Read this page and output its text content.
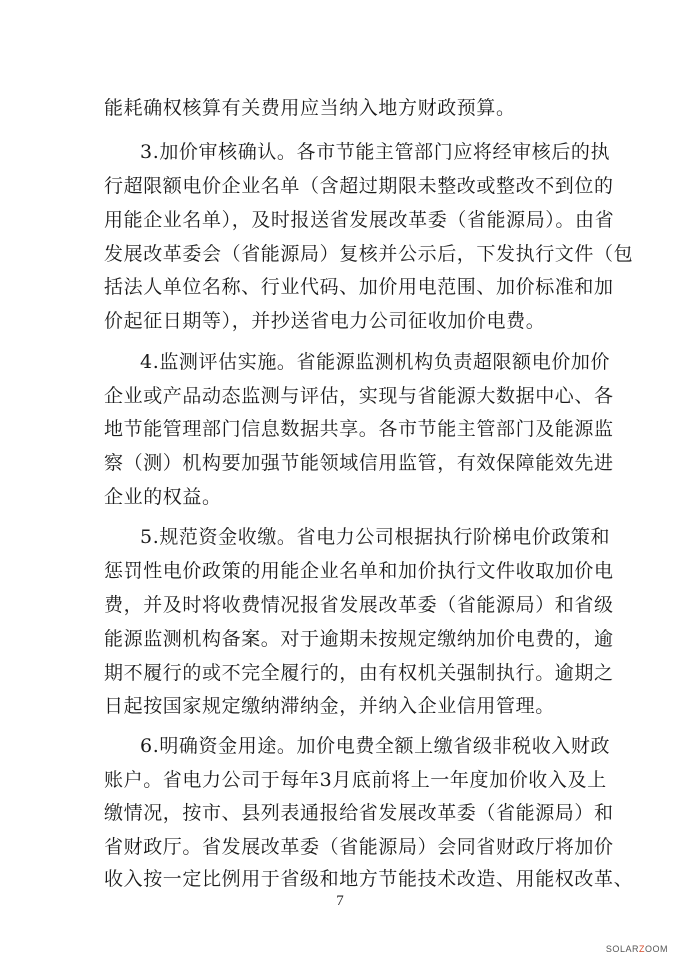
能耗确权核算有关费用应当纳入地方财政预算。
3.加价审核确认。各市节能主管部门应将经审核后的执
行超限额电价企业名单（含超过期限未整改或整改不到位的
用能企业名单），及时报送省发展改革委（省能源局）。由省
发展改革委会（省能源局）复核并公示后，下发执行文件（包
括法人单位名称、行业代码、加价用电范围、加价标准和加
价起征日期等），并抄送省电力公司征收加价电费。
4.监测评估实施。省能源监测机构负责超限额电价加价
企业或产品动态监测与评估，实现与省能源大数据中心、各
地节能管理部门信息数据共享。各市节能主管部门及能源监
察（测）机构要加强节能领域信用监管，有效保障能效先进
企业的权益。
5.规范资金收缴。省电力公司根据执行阶梯电价政策和
惩罚性电价政策的用能企业名单和加价执行文件收取加价电
费，并及时将收费情况报省发展改革委（省能源局）和省级
能源监测机构备案。对于逾期未按规定缴纳加价电费的，逾
期不履行的或不完全履行的，由有权机关强制执行。逾期之
日起按国家规定缴纳滞纳金，并纳入企业信用管理。
6.明确资金用途。加价电费全额上缴省级非税收入财政
账户。省电力公司于每年3月底前将上一年度加价收入及上
缴情况，按市、县列表通报给省发展改革委（省能源局）和
省财政厅。省发展改革委（省能源局）会同省财政厅将加价
收入按一定比例用于省级和地方节能技术改造、用能权改革、
7
SOLARZOOM
